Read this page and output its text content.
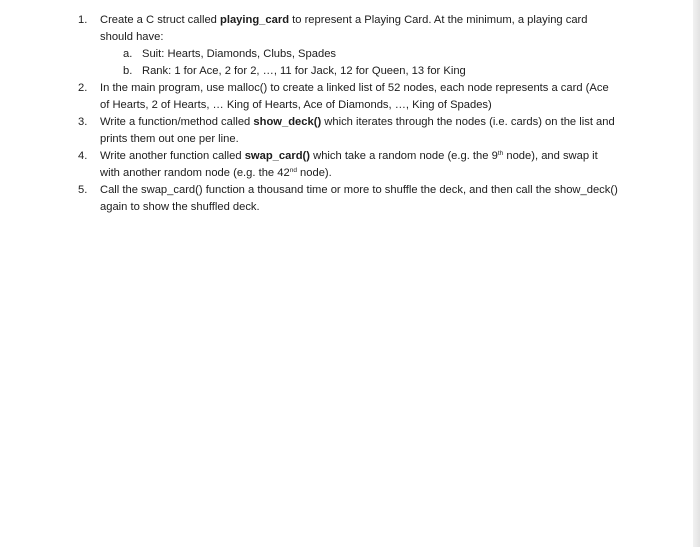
1. Create a C struct called playing_card to represent a Playing Card. At the minimum, a playing card should have:
a. Suit: Hearts, Diamonds, Clubs, Spades
b. Rank: 1 for Ace, 2 for 2, …, 11 for Jack, 12 for Queen, 13 for King
2. In the main program, use malloc() to create a linked list of 52 nodes, each node represents a card (Ace of Hearts, 2 of Hearts, … King of Hearts, Ace of Diamonds, …, King of Spades)
3. Write a function/method called show_deck() which iterates through the nodes (i.e. cards) on the list and prints them out one per line.
4. Write another function called swap_card() which take a random node (e.g. the 9th node), and swap it with another random node (e.g. the 42nd node).
5. Call the swap_card() function a thousand time or more to shuffle the deck, and then call the show_deck() again to show the shuffled deck.
